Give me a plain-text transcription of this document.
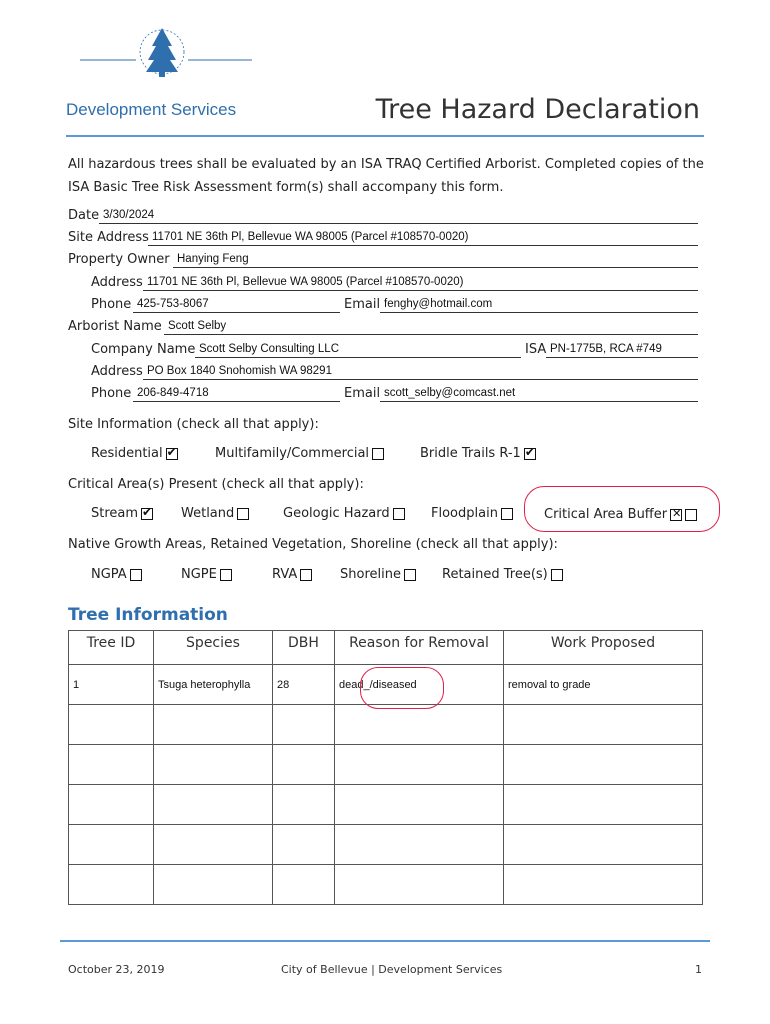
Development Services	Tree Hazard Declaration
All hazardous trees shall be evaluated by an ISA TRAQ Certified Arborist. Completed copies of the ISA Basic Tree Risk Assessment form(s) shall accompany this form.
Date 3/30/2024
Site Address 11701 NE 36th Pl, Bellevue WA 98005 (Parcel #108570-0020)
Property Owner Hanying Feng
Address 11701 NE 36th Pl, Bellevue WA 98005 (Parcel #108570-0020)
Phone 425-753-8067	Email fenghy@hotmail.com
Arborist Name Scott Selby
Company Name Scott Selby Consulting LLC	ISA PN-1775B, RCA #749
Address PO Box 1840 Snohomish WA 98291
Phone 206-849-4718	Email scott_selby@comcast.net
Site Information (check all that apply):
Residential ✔	Multifamily/Commercial	Bridle Trails R-1
✔
Critical Area(s) Present (check all that apply):
Stream ✔	Wetland	Geologic Hazard	Floodplain	Critical Area Buffer
✕
Native Growth Areas, Retained Vegetation, Shoreline (check all that apply):
NGPA	NGPE	RVA	Shoreline	Retained Tree(s)
Tree Information
Tree ID	Species	DBH	Reason for Removal	Work Proposed
1	Tsuga heterophylla	28	dead_/diseased	removal to grade

October 23, 2019	City of Bellevue | Development Services	1
